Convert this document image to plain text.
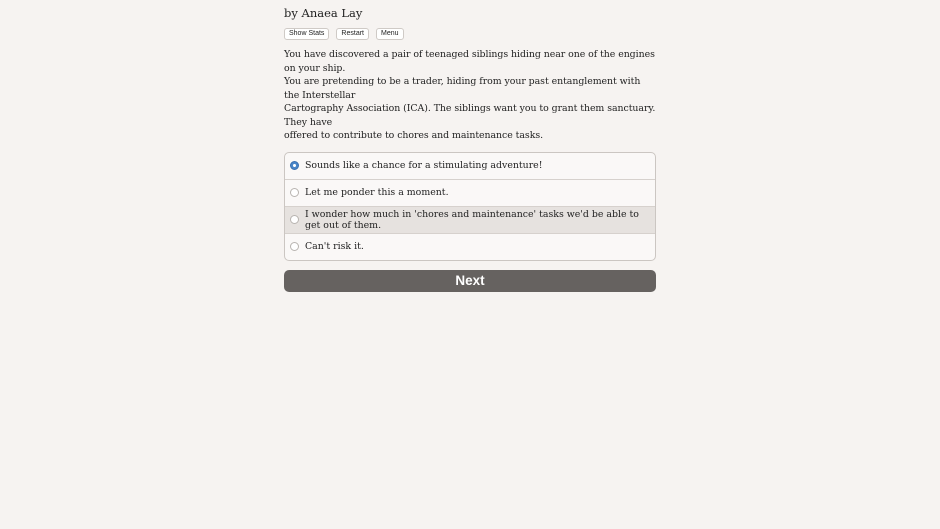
by Anaea Lay
Show Stats	Restart	Menu
You have discovered a pair of teenaged siblings hiding near one of the engines on your ship.
You are pretending to be a trader, hiding from your past entanglement with the Interstellar
Cartography Association (ICA). The siblings want you to grant them sanctuary. They have
offered to contribute to chores and maintenance tasks.
Sounds like a chance for a stimulating adventure!
Let me ponder this a moment.
I wonder how much in 'chores and maintenance' tasks we'd be able to get out of them.
Can't risk it.
Next
